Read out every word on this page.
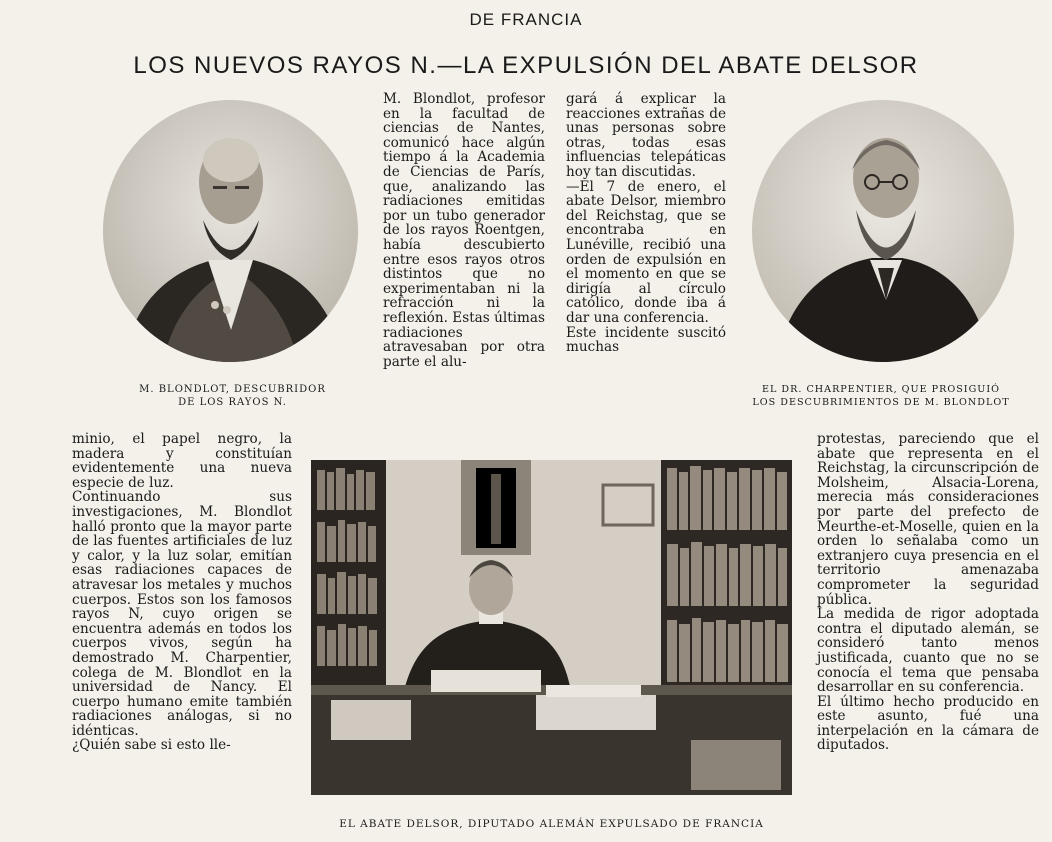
DE FRANCIA
LOS NUEVOS RAYOS N.—LA EXPULSIÓN DEL ABATE DELSOR
M. BLONDLOT, DESCUBRIDOR
DE LOS RAYOS N.

M. Blondlot, profesor en la facultad de ciencias de Nantes, comunicó hace algún tiempo á la Academia de Ciencias de París, que, analizando las radiaciones emitidas por un tubo generador de los rayos Roentgen, había descubierto entre esos rayos otros distintos que no experimentaban ni la refracción ni la reflexión. Estas últimas radiaciones atravesaban por otra parte el alu-

gará á explicar la reacciones extrañas de unas personas sobre otras, todas esas influencias telepáticas hoy tan discutidas.
—El 7 de enero, el abate Delsor, miembro del Reichstag, que se encontraba en Lunéville, recibió una orden de expulsión en el momento en que se dirigía al círculo católico, donde iba á dar una conferencia.
Este incidente suscitó muchas

EL DR. CHARPENTIER, QUE PROSIGUIÓ
LOS DESCUBRIMIENTOS DE M. BLONDLOT

minio, el papel negro, la madera y constituían evidentemente una nueva especie de luz.
Continuando sus investigaciones, M. Blondlot halló pronto que la mayor parte de las fuentes artificiales de luz y calor, y la luz solar, emitían esas radiaciones capaces de atravesar los metales y muchos cuerpos. Estos son los famosos rayos N, cuyo origen se encuentra además en todos los cuerpos vivos, según ha demostrado M. Charpentier, colega de M. Blondlot en la universidad de Nancy. El cuerpo humano emite también radiaciones análogas, si no idénticas.
¿Quién sabe si esto lle-

EL ABATE DELSOR, DIPUTADO ALEMÁN EXPULSADO DE FRANCIA

protestas, pareciendo que el abate que representa en el Reichstag, la circunscripción de Molsheim, Alsacia-Lorena, merecia más consideraciones por parte del prefecto de Meurthe-et-Moselle, quien en la orden lo señalaba como un extranjero cuya presencia en el territorio amenazaba comprometer la seguridad pública.
La medida de rigor adoptada contra el diputado alemán, se consideró tanto menos justificada, cuanto que no se conocía el tema que pensaba desarrollar en su conferencia.
El último hecho producido en este asunto, fué una interpelación en la cámara de diputados.
